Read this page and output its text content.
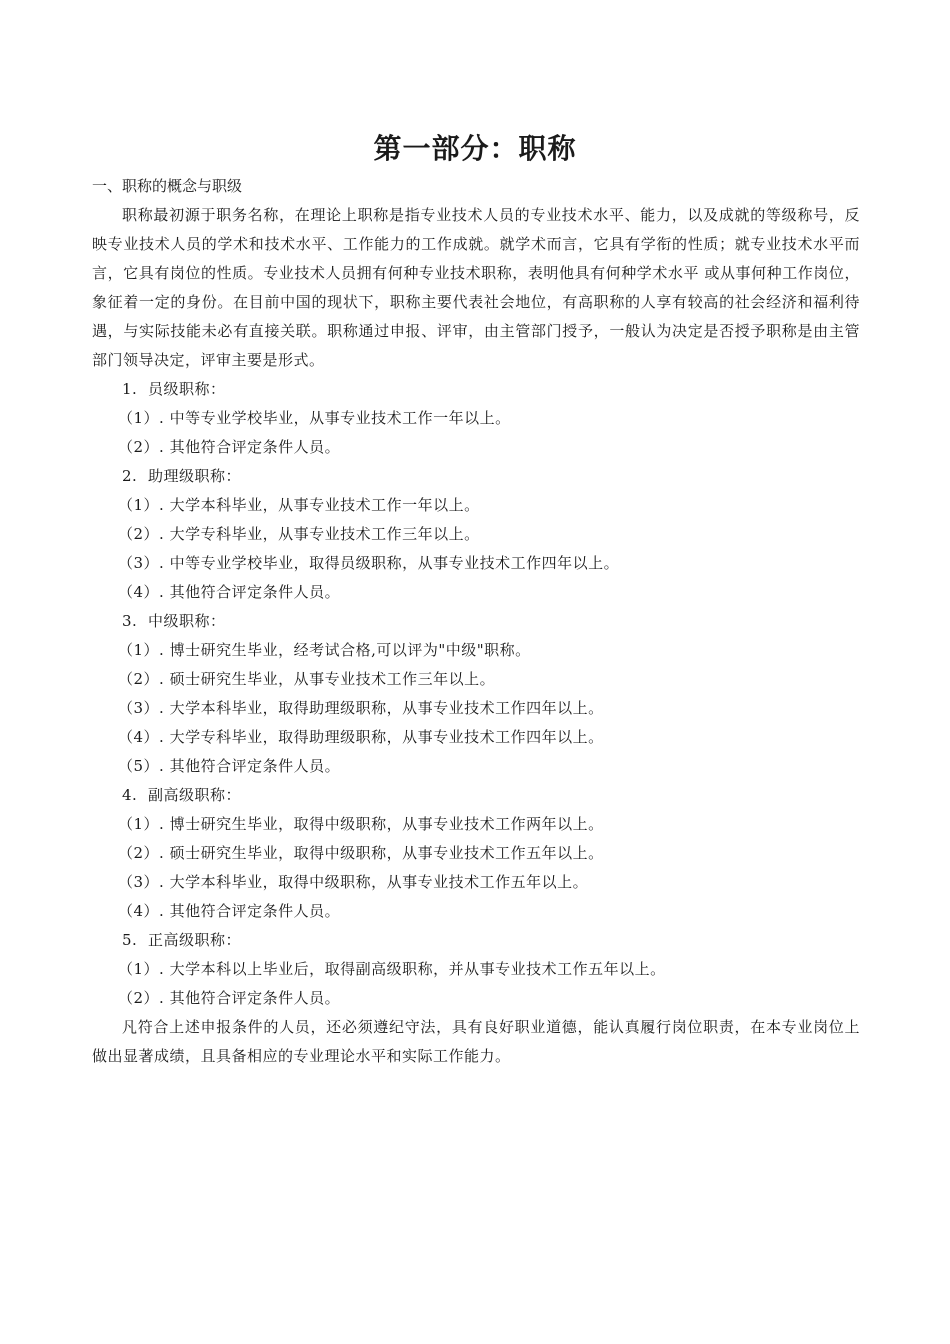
第一部分：职称

一、职称的概念与职级

职称最初源于职务名称，在理论上职称是指专业技术人员的专业技术水平、能力，以及成就的等级称号，反映专业技术人员的学术和技术水平、工作能力的工作成就。就学术而言，它具有学衔的性质；就专业技术水平而言，它具有岗位的性质。专业技术人员拥有何种专业技术职称，表明他具有何种学术水平 或从事何种工作岗位，象征着一定的身份。在目前中国的现状下，职称主要代表社会地位，有高职称的人享有较高的社会经济和福利待遇，与实际技能未必有直接关联。职称通过申报、评审，由主管部门授予，一般认为决定是否授予职称是由主管部门领导决定，评审主要是形式。

1. 员级职称：

（1）. 中等专业学校毕业，从事专业技术工作一年以上。

（2）. 其他符合评定条件人员。

2. 助理级职称：

（1）. 大学本科毕业，从事专业技术工作一年以上。

（2）. 大学专科毕业，从事专业技术工作三年以上。

（3）. 中等专业学校毕业，取得员级职称，从事专业技术工作四年以上。

（4）. 其他符合评定条件人员。

3. 中级职称：

（1）. 博士研究生毕业，经考试合格,可以评为"中级"职称。

（2）. 硕士研究生毕业，从事专业技术工作三年以上。

（3）. 大学本科毕业，取得助理级职称，从事专业技术工作四年以上。

（4）. 大学专科毕业，取得助理级职称，从事专业技术工作四年以上。

（5）. 其他符合评定条件人员。

4. 副高级职称：

（1）. 博士研究生毕业，取得中级职称，从事专业技术工作两年以上。

（2）. 硕士研究生毕业，取得中级职称，从事专业技术工作五年以上。

（3）. 大学本科毕业，取得中级职称，从事专业技术工作五年以上。

（4）. 其他符合评定条件人员。

5. 正高级职称：

（1）. 大学本科以上毕业后，取得副高级职称，并从事专业技术工作五年以上。

（2）. 其他符合评定条件人员。

凡符合上述申报条件的人员，还必须遵纪守法，具有良好职业道德，能认真履行岗位职责，在本专业岗位上做出显著成绩，且具备相应的专业理论水平和实际工作能力。
